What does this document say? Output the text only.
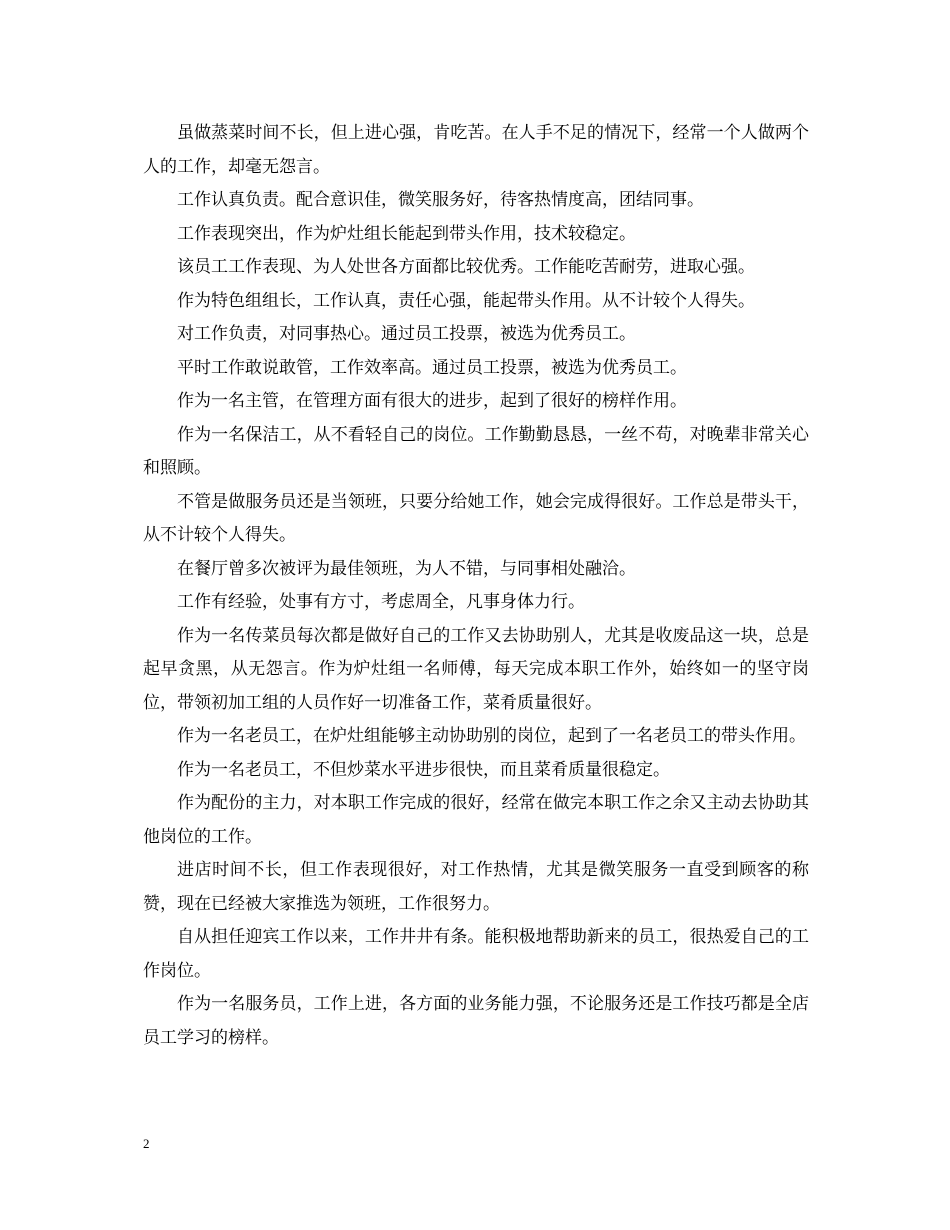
虽做蒸菜时间不长，但上进心强，肯吃苦。在人手不足的情况下，经常一个人做两个人的工作，却毫无怨言。

工作认真负责。配合意识佳，微笑服务好，待客热情度高，团结同事。

工作表现突出，作为炉灶组长能起到带头作用，技术较稳定。

该员工工作表现、为人处世各方面都比较优秀。工作能吃苦耐劳，进取心强。

作为特色组组长，工作认真，责任心强，能起带头作用。从不计较个人得失。

对工作负责，对同事热心。通过员工投票，被选为优秀员工。

平时工作敢说敢管，工作效率高。通过员工投票，被选为优秀员工。

作为一名主管，在管理方面有很大的进步，起到了很好的榜样作用。

作为一名保洁工，从不看轻自己的岗位。工作勤勤恳恳，一丝不苟，对晚辈非常关心和照顾。

不管是做服务员还是当领班，只要分给她工作，她会完成得很好。工作总是带头干，从不计较个人得失。

在餐厅曾多次被评为最佳领班，为人不错，与同事相处融洽。

工作有经验，处事有方寸，考虑周全，凡事身体力行。

作为一名传菜员每次都是做好自己的工作又去协助别人，尤其是收废品这一块，总是起早贪黑，从无怨言。作为炉灶组一名师傅，每天完成本职工作外，始终如一的坚守岗位，带领初加工组的人员作好一切准备工作，菜肴质量很好。

作为一名老员工，在炉灶组能够主动协助别的岗位，起到了一名老员工的带头作用。

作为一名老员工，不但炒菜水平进步很快，而且菜肴质量很稳定。

作为配份的主力，对本职工作完成的很好，经常在做完本职工作之余又主动去协助其他岗位的工作。

进店时间不长，但工作表现很好，对工作热情，尤其是微笑服务一直受到顾客的称赞，现在已经被大家推选为领班，工作很努力。

自从担任迎宾工作以来，工作井井有条。能积极地帮助新来的员工，很热爱自己的工作岗位。

作为一名服务员，工作上进，各方面的业务能力强，不论服务还是工作技巧都是全店员工学习的榜样。

2
